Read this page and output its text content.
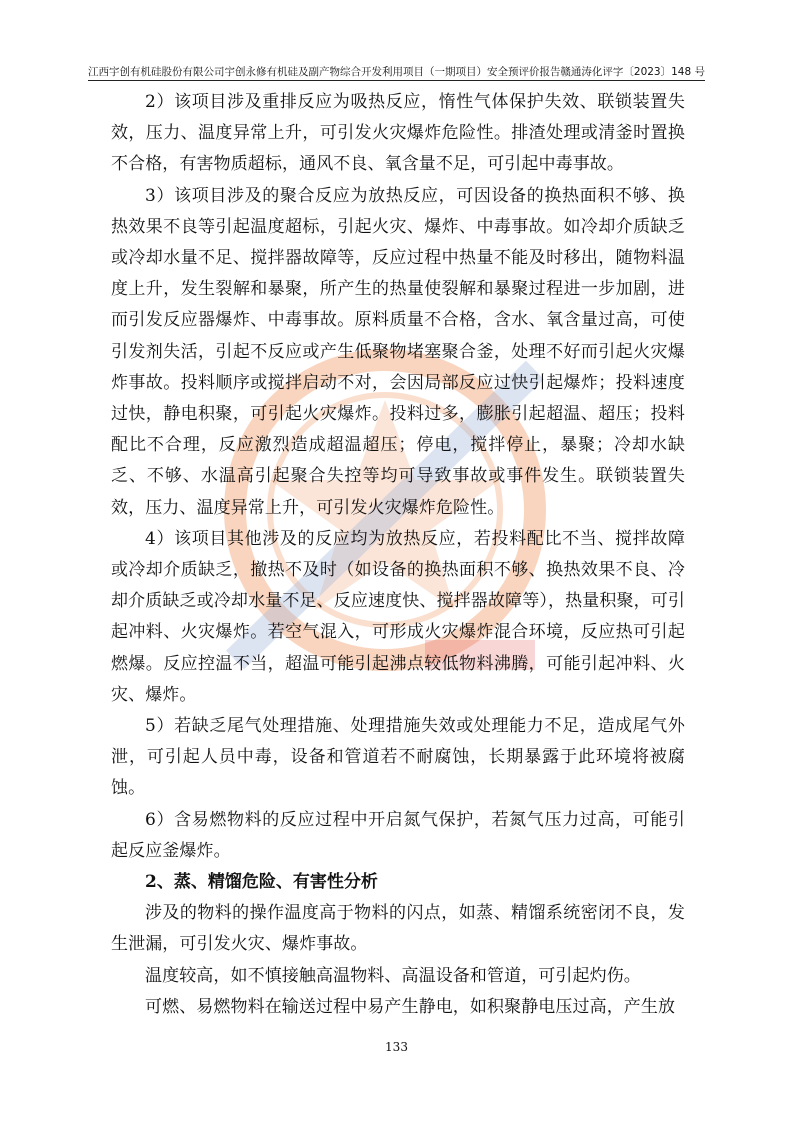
江西宇创有机硅股份有限公司宇创永修有机硅及副产物综合开发利用项目（一期项目）安全预评价报告 赣通涛化评字〔2023〕148 号

2）该项目涉及重排反应为吸热反应，惰性气体保护失效、联锁装置失效，压力、温度异常上升，可引发火灾爆炸危险性。排渣处理或清釜时置换不合格，有害物质超标，通风不良、氧含量不足，可引起中毒事故。

3）该项目涉及的聚合反应为放热反应，可因设备的换热面积不够、换热效果不良等引起温度超标，引起火灾、爆炸、中毒事故。如冷却介质缺乏或冷却水量不足、搅拌器故障等，反应过程中热量不能及时移出，随物料温度上升，发生裂解和暴聚，所产生的热量使裂解和暴聚过程进一步加剧，进而引发反应器爆炸、中毒事故。原料质量不合格，含水、氧含量过高，可使引发剂失活，引起不反应或产生低聚物堵塞聚合釜，处理不好而引起火灾爆炸事故。投料顺序或搅拌启动不对，会因局部反应过快引起爆炸；投料速度过快，静电积聚，可引起火灾爆炸。投料过多，膨胀引起超温、超压；投料配比不合理，反应激烈造成超温超压；停电，搅拌停止，暴聚；冷却水缺乏、不够、水温高引起聚合失控等均可导致事故或事件发生。联锁装置失效，压力、温度异常上升，可引发火灾爆炸危险性。

4）该项目其他涉及的反应均为放热反应，若投料配比不当、搅拌故障或冷却介质缺乏，撤热不及时（如设备的换热面积不够、换热效果不良、冷却介质缺乏或冷却水量不足、反应速度快、搅拌器故障等），热量积聚，可引起冲料、火灾爆炸。若空气混入，可形成火灾爆炸混合环境，反应热可引起燃爆。反应控温不当，超温可能引起沸点较低物料沸腾，可能引起冲料、火灾、爆炸。

5）若缺乏尾气处理措施、处理措施失效或处理能力不足，造成尾气外泄，可引起人员中毒，设备和管道若不耐腐蚀，长期暴露于此环境将被腐蚀。

6）含易燃物料的反应过程中开启氮气保护，若氮气压力过高，可能引起反应釜爆炸。

2、蒸、精馏危险、有害性分析

涉及的物料的操作温度高于物料的闪点，如蒸、精馏系统密闭不良，发生泄漏，可引发火灾、爆炸事故。

温度较高，如不慎接触高温物料、高温设备和管道，可引起灼伤。

可燃、易燃物料在输送过程中易产生静电，如积聚静电压过高，产生放

133
